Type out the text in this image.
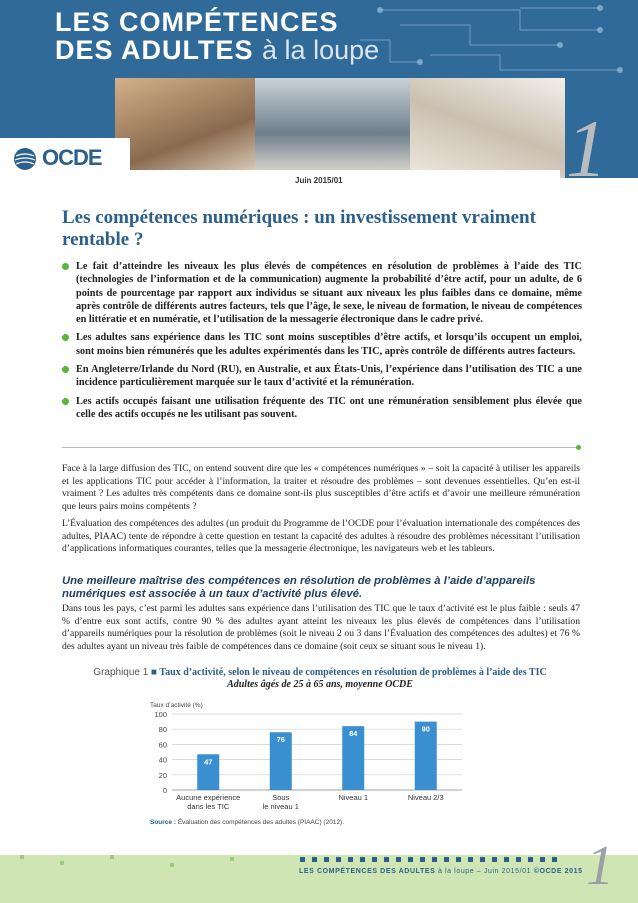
LES COMPÉTENCES
DES ADULTES à la loupe
OCDE	1
Juin 2015/01
Les compétences numériques : un investissement vraiment rentable ?
Le fait d’atteindre les niveaux les plus élevés de compétences en résolution de problèmes à l’aide des TIC (technologies de l’information et de la communication) augmente la probabilité d’être actif, pour un adulte, de 6 points de pourcentage par rapport aux individus se situant aux niveaux les plus faibles dans ce domaine, même après contrôle de différents autres facteurs, tels que l’âge, le sexe, le niveau de formation, le niveau de compétences en littératie et en numératie, et l’utilisation de la messagerie électronique dans le cadre privé.
Les adultes sans expérience dans les TIC sont moins susceptibles d’être actifs, et lorsqu’ils occupent un emploi, sont moins bien rémunérés que les adultes expérimentés dans les TIC, après contrôle de différents autres facteurs.
En Angleterre/Irlande du Nord (RU), en Australie, et aux États-Unis, l’expérience dans l’utilisation des TIC a une incidence particulièrement marquée sur le taux d’activité et la rémunération.
Les actifs occupés faisant une utilisation fréquente des TIC ont une rémunération sensiblement plus élevée que celle des actifs occupés ne les utilisant pas souvent.

Face à la large diffusion des TIC, on entend souvent dire que les « compétences numériques » – soit la capacité à utiliser les appareils et les applications TIC pour accéder à l’information, la traiter et résoudre des problèmes – sont devenues essentielles. Qu’en est-il vraiment ? Les adultes très compétents dans ce domaine sont-ils plus susceptibles d’être actifs et d’avoir une meilleure rémunération que leurs pairs moins compétents ?

L’Évaluation des compétences des adultes (un produit du Programme de l’OCDE pour l’évaluation internationale des compétences des adultes, PIAAC) tente de répondre à cette question en testant la capacité des adultes à résoudre des problèmes nécessitant l’utilisation d’applications informatiques courantes, telles que la messagerie électronique, les navigateurs web et les tableurs.

Une meilleure maîtrise des compétences en résolution de problèmes à l’aide d’appareils numériques est associée à un taux d’activité plus élevé.

Dans tous les pays, c’est parmi les adultes sans expérience dans l’utilisation des TIC que le taux d’activité est le plus faible : seuls 47 % d’entre eux sont actifs, contre 90 % des adultes ayant atteint les niveaux les plus élevés de compétences dans l’utilisation d’appareils numériques pour la résolution de problèmes (soit le niveau 2 ou 3 dans l’Évaluation des compétences des adultes) et 76 % des adultes ayant un niveau très faible de compétences dans ce domaine (soit ceux se situant sous le niveau 1).

Graphique 1 ■ Taux d’activité, selon le niveau de compétences en résolution de problèmes à l’aide des TIC
Adultes âgés de 25 à 65 ans, moyenne OCDE
Taux d’activité (%)
0
20
40
60
80
100
47
Aucune expérience
dans les TIC
76
Sous
le niveau 1
84
Niveau 1
90
Niveau 2/3
Source : Évaluation des compétences des adultes (PIAAC) (2012).
LES COMPÉTENCES DES ADULTES à la loupe – Juin 2015/01 ©OCDE 2015 1
